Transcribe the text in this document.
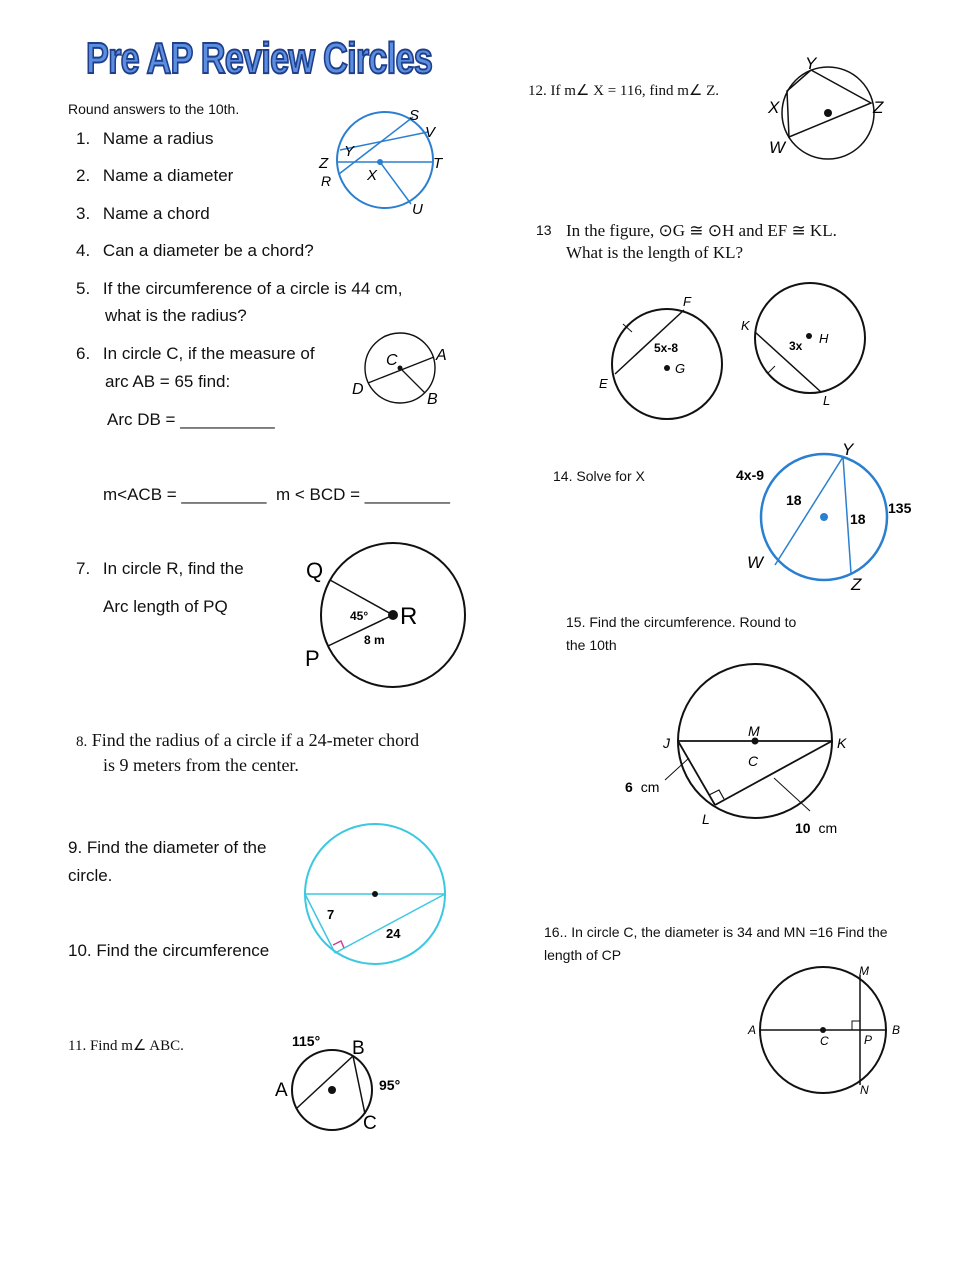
Pre AP Review Circles
Round answers to the 10th.
1. Name a radius
2. Name a diameter
3. Name a chord
4. Can a diameter be a chord?
5. If the circumference of a circle is 44 cm,
what is the radius?
6. In circle C, if the measure of
arc AB = 65 find:
Arc DB = __________
m<ACB = _________ m < BCD = _________
7. In circle R, find the
Arc length of PQ
8. Find the radius of a circle if a 24-meter chord
is 9 meters from the center.
9. Find the diameter of the
circle.
10. Find the circumference
11. Find m∠ ABC.
12. If m∠ X = 116, find m∠ Z.
13 In the figure, ⊙G ≅ ⊙H and EF ≅ KL.
What is the length of KL?
14. Solve for X
15. Find the circumference. Round to
the 10th
16.. In circle C, the diameter is 34 and MN =16 Find the
length of CP
S
V
T
U
Z
R
Y
X
C A
D
B
Q
R
P
45°
8 m
7
24
115° B
A	95°
C
Y
X	Z
W
F
E
G
5x-8
K
H
L
3x
4x-9
Y
18
18
135
W
Z
M
J	K
C
L
6 cm
10 cm
M
A	B
C	P
N
